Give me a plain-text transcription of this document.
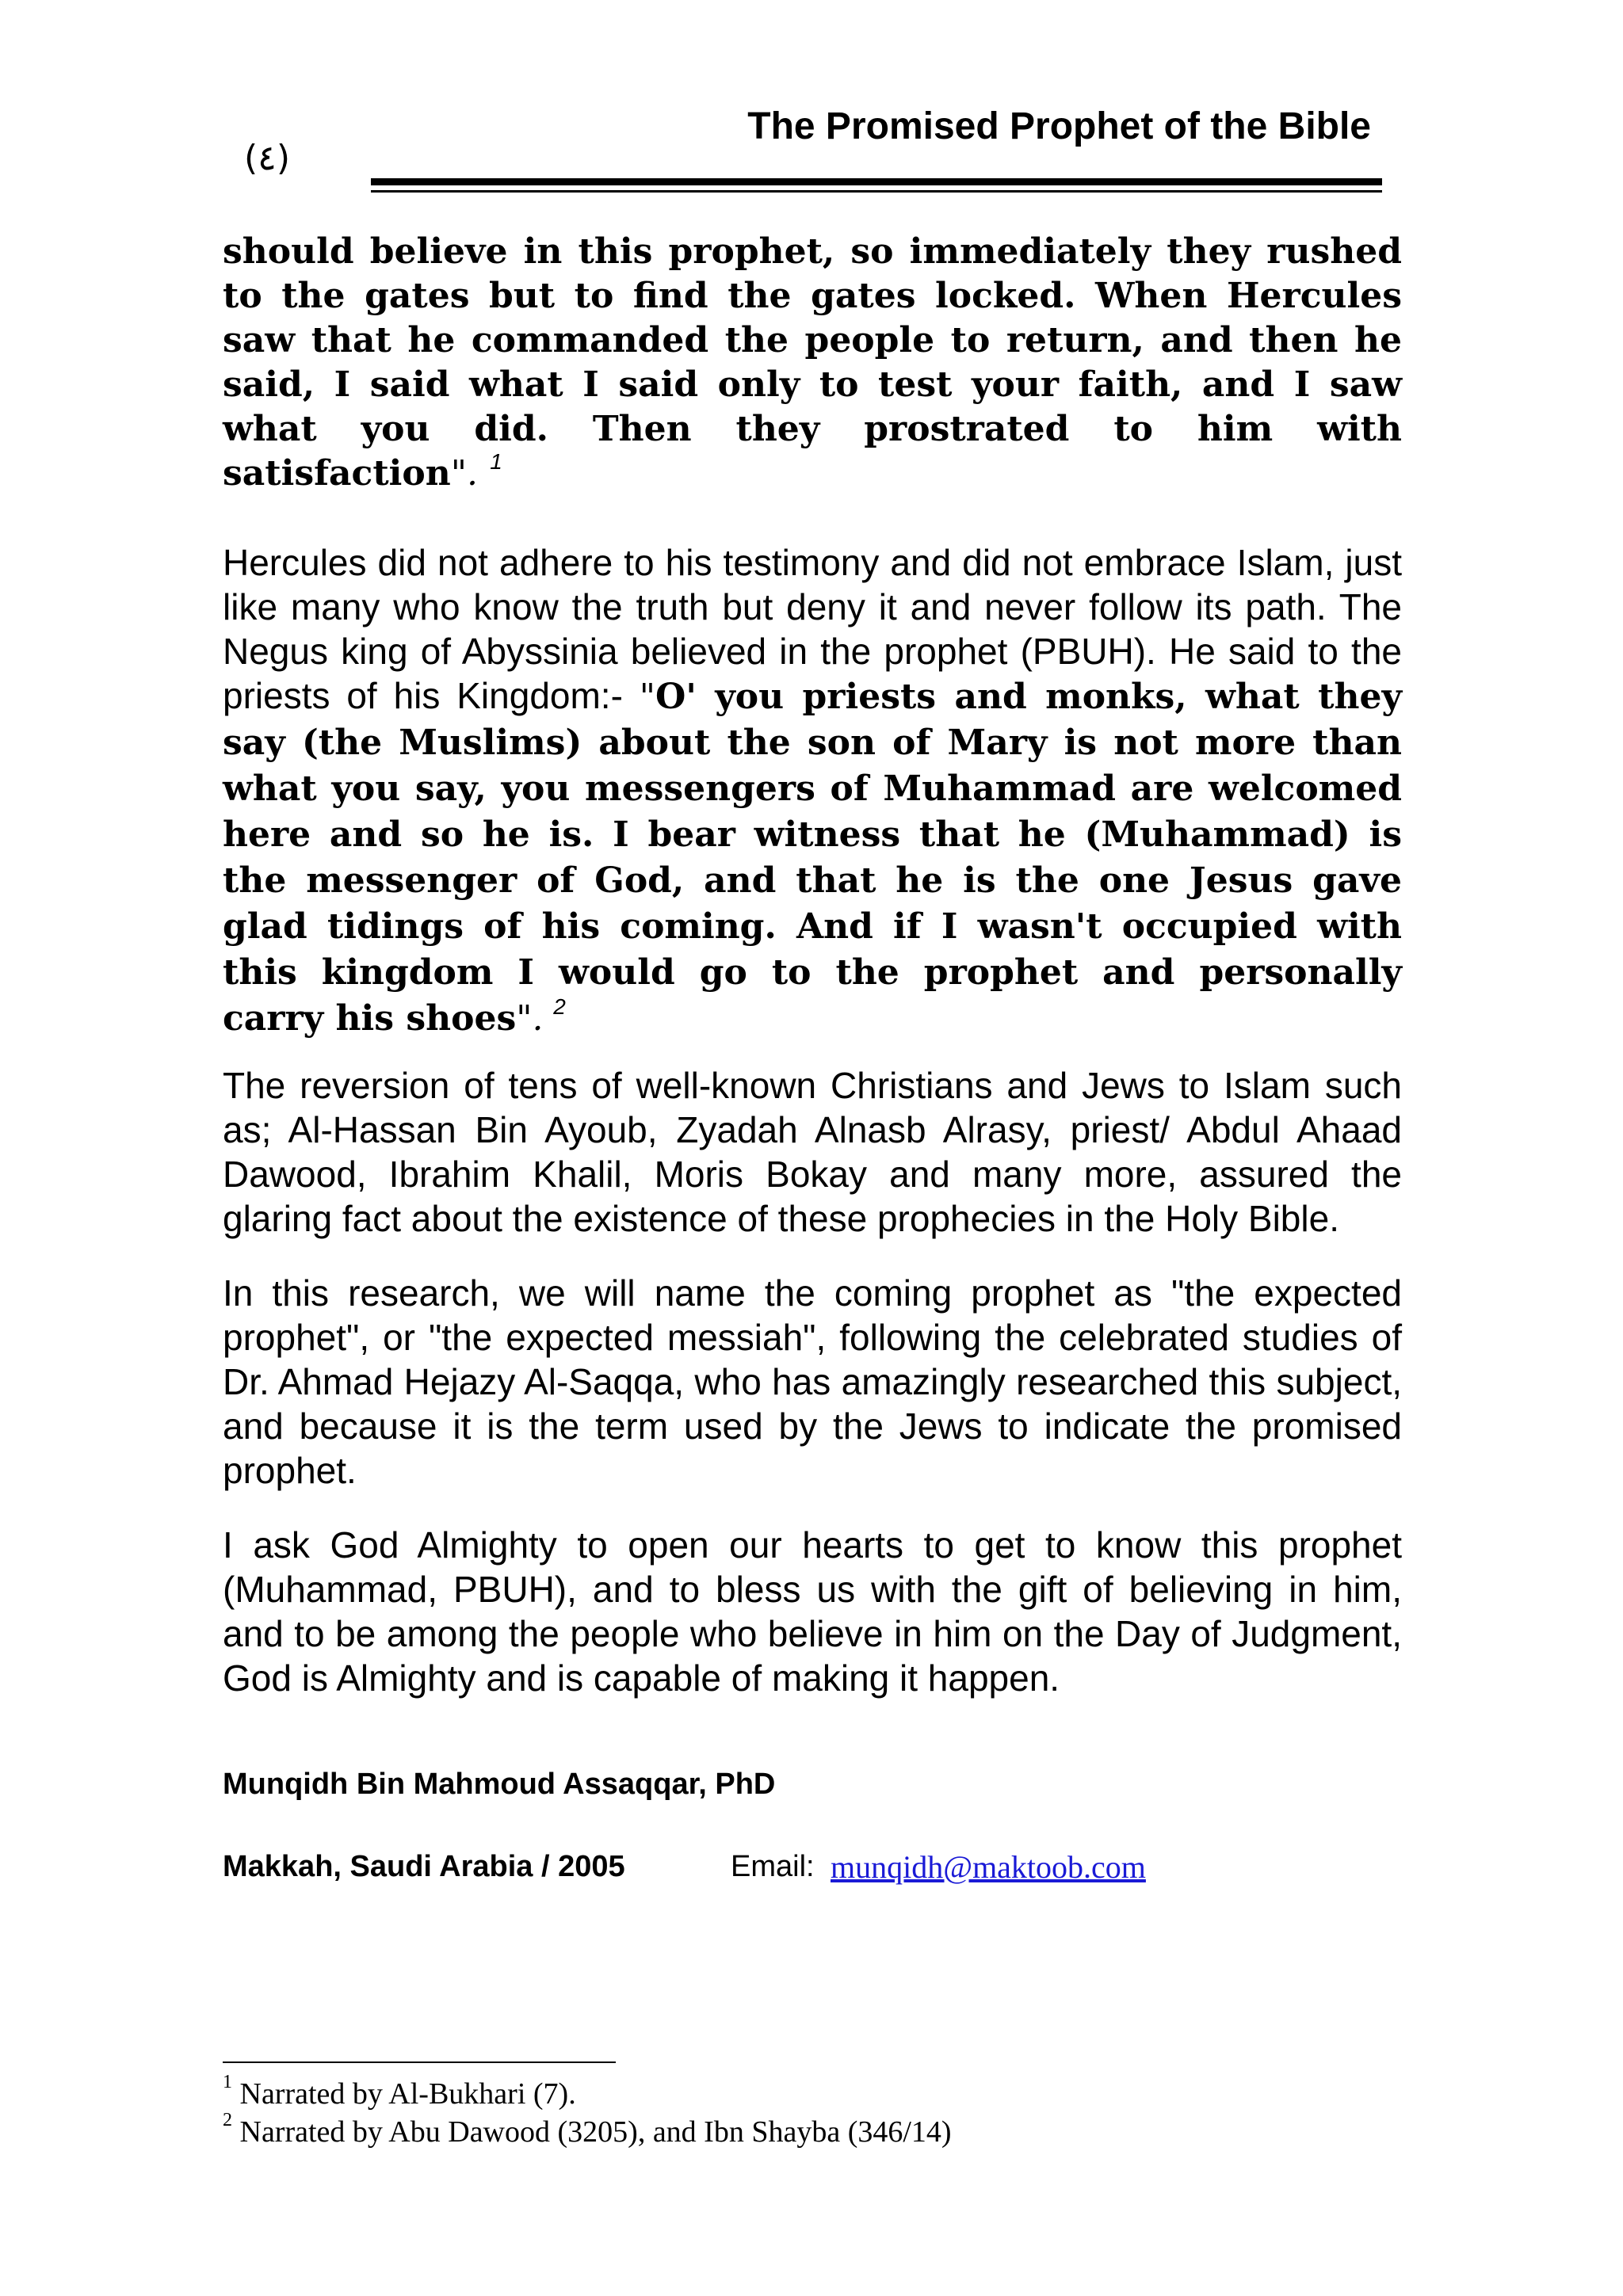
(٤)
The Promised Prophet of the Bible

should believe in this prophet, so immediately they rushed to the gates but to find the gates locked. When Hercules saw that he commanded the people to return, and then he said, I said what I said only to test your faith, and I saw what you did. Then they prostrated to him with satisfaction". $^1$

Hercules did not adhere to his testimony and did not embrace Islam, just like many who know the truth but deny it and never follow its path. The Negus king of Abyssinia believed in the prophet (PBUH). He said to the priests of his Kingdom:- "O' you priests and monks, what they say (the Muslims) about the son of Mary is not more than what you say, you messengers of Muhammad are welcomed here and so he is. I bear witness that he (Muhammad) is the messenger of God, and that he is the one Jesus gave glad tidings of his coming. And if I wasn't occupied with this kingdom I would go to the prophet and personally carry his shoes". $^2$

The reversion of tens of well-known Christians and Jews to Islam such as; Al-Hassan Bin Ayoub, Zyadah Alnasb Alrasy, priest/ Abdul Ahaad Dawood, Ibrahim Khalil, Moris Bokay and many more, assured the glaring fact about the existence of these prophecies in the Holy Bible.

In this research, we will name the coming prophet as "the expected prophet", or "the expected messiah", following the celebrated studies of Dr. Ahmad Hejazy Al-Saqqa, who has amazingly researched this subject, and because it is the term used by the Jews to indicate the promised prophet.

I ask God Almighty to open our hearts to get to know this prophet (Muhammad, PBUH), and to bless us with the gift of believing in him, and to be among the people who believe in him on the Day of Judgment, God is Almighty and is capable of making it happen.

Munqidh Bin Mahmoud Assaqqar, PhD
Makkah, Saudi Arabia / 2005	Email: munqidh@maktoob.com
$^1$ Narrated by Al-Bukhari (7).
$^2$ Narrated by Abu Dawood (3205), and Ibn Shayba (346/14)
